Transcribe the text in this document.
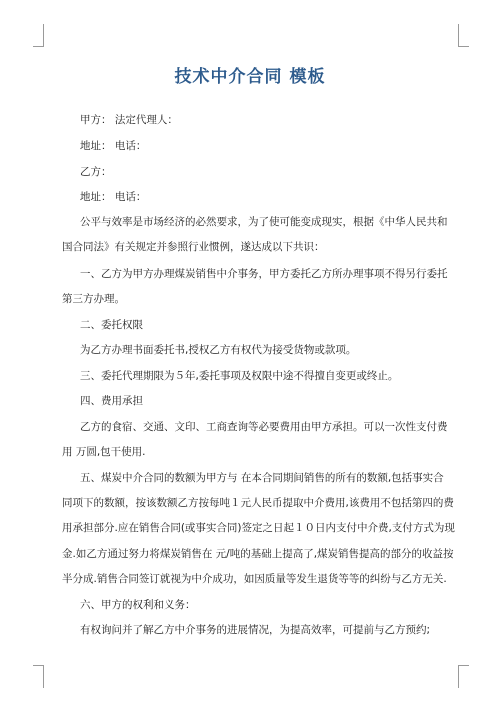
技术中介合同 模板
甲方： 法定代理人：
地址： 电话：
乙方：
地址： 电话：
公平与效率是市场经济的必然要求，为了使可能变成现实，根据《中华人民共和
国合同法》有关规定并参照行业惯例，遂达成以下共识：
一、乙方为甲方办理煤炭销售中介事务，甲方委托乙方所办理事项不得另行委托
第三方办理。
二、委托权限
为乙方办理书面委托书,授权乙方有权代为接受货物或款项。
三、委托代理期限为５年,委托事项及权限中途不得擅自变更或终止。
四、费用承担
乙方的食宿、交通、文印、工商查询等必要费用由甲方承担。可以一次性支付费
用 万圆,包干使用.
五、煤炭中介合同的数额为甲方与 在本合同期间销售的所有的数额,包括事实合
同项下的数额，按该数额乙方按每吨１元人民币提取中介费用,该费用不包括第四的费
用承担部分.应在销售合同(或事实合同)签定之日起１０日内支付中介费,支付方式为现
金.如乙方通过努力将煤炭销售在 元/吨的基础上提高了,煤炭销售提高的部分的收益按
半分成.销售合同签订就视为中介成功，如因质量等发生退货等等的纠纷与乙方无关.
六、甲方的权利和义务：
有权询问并了解乙方中介事务的进展情况，为提高效率，可提前与乙方预约;
